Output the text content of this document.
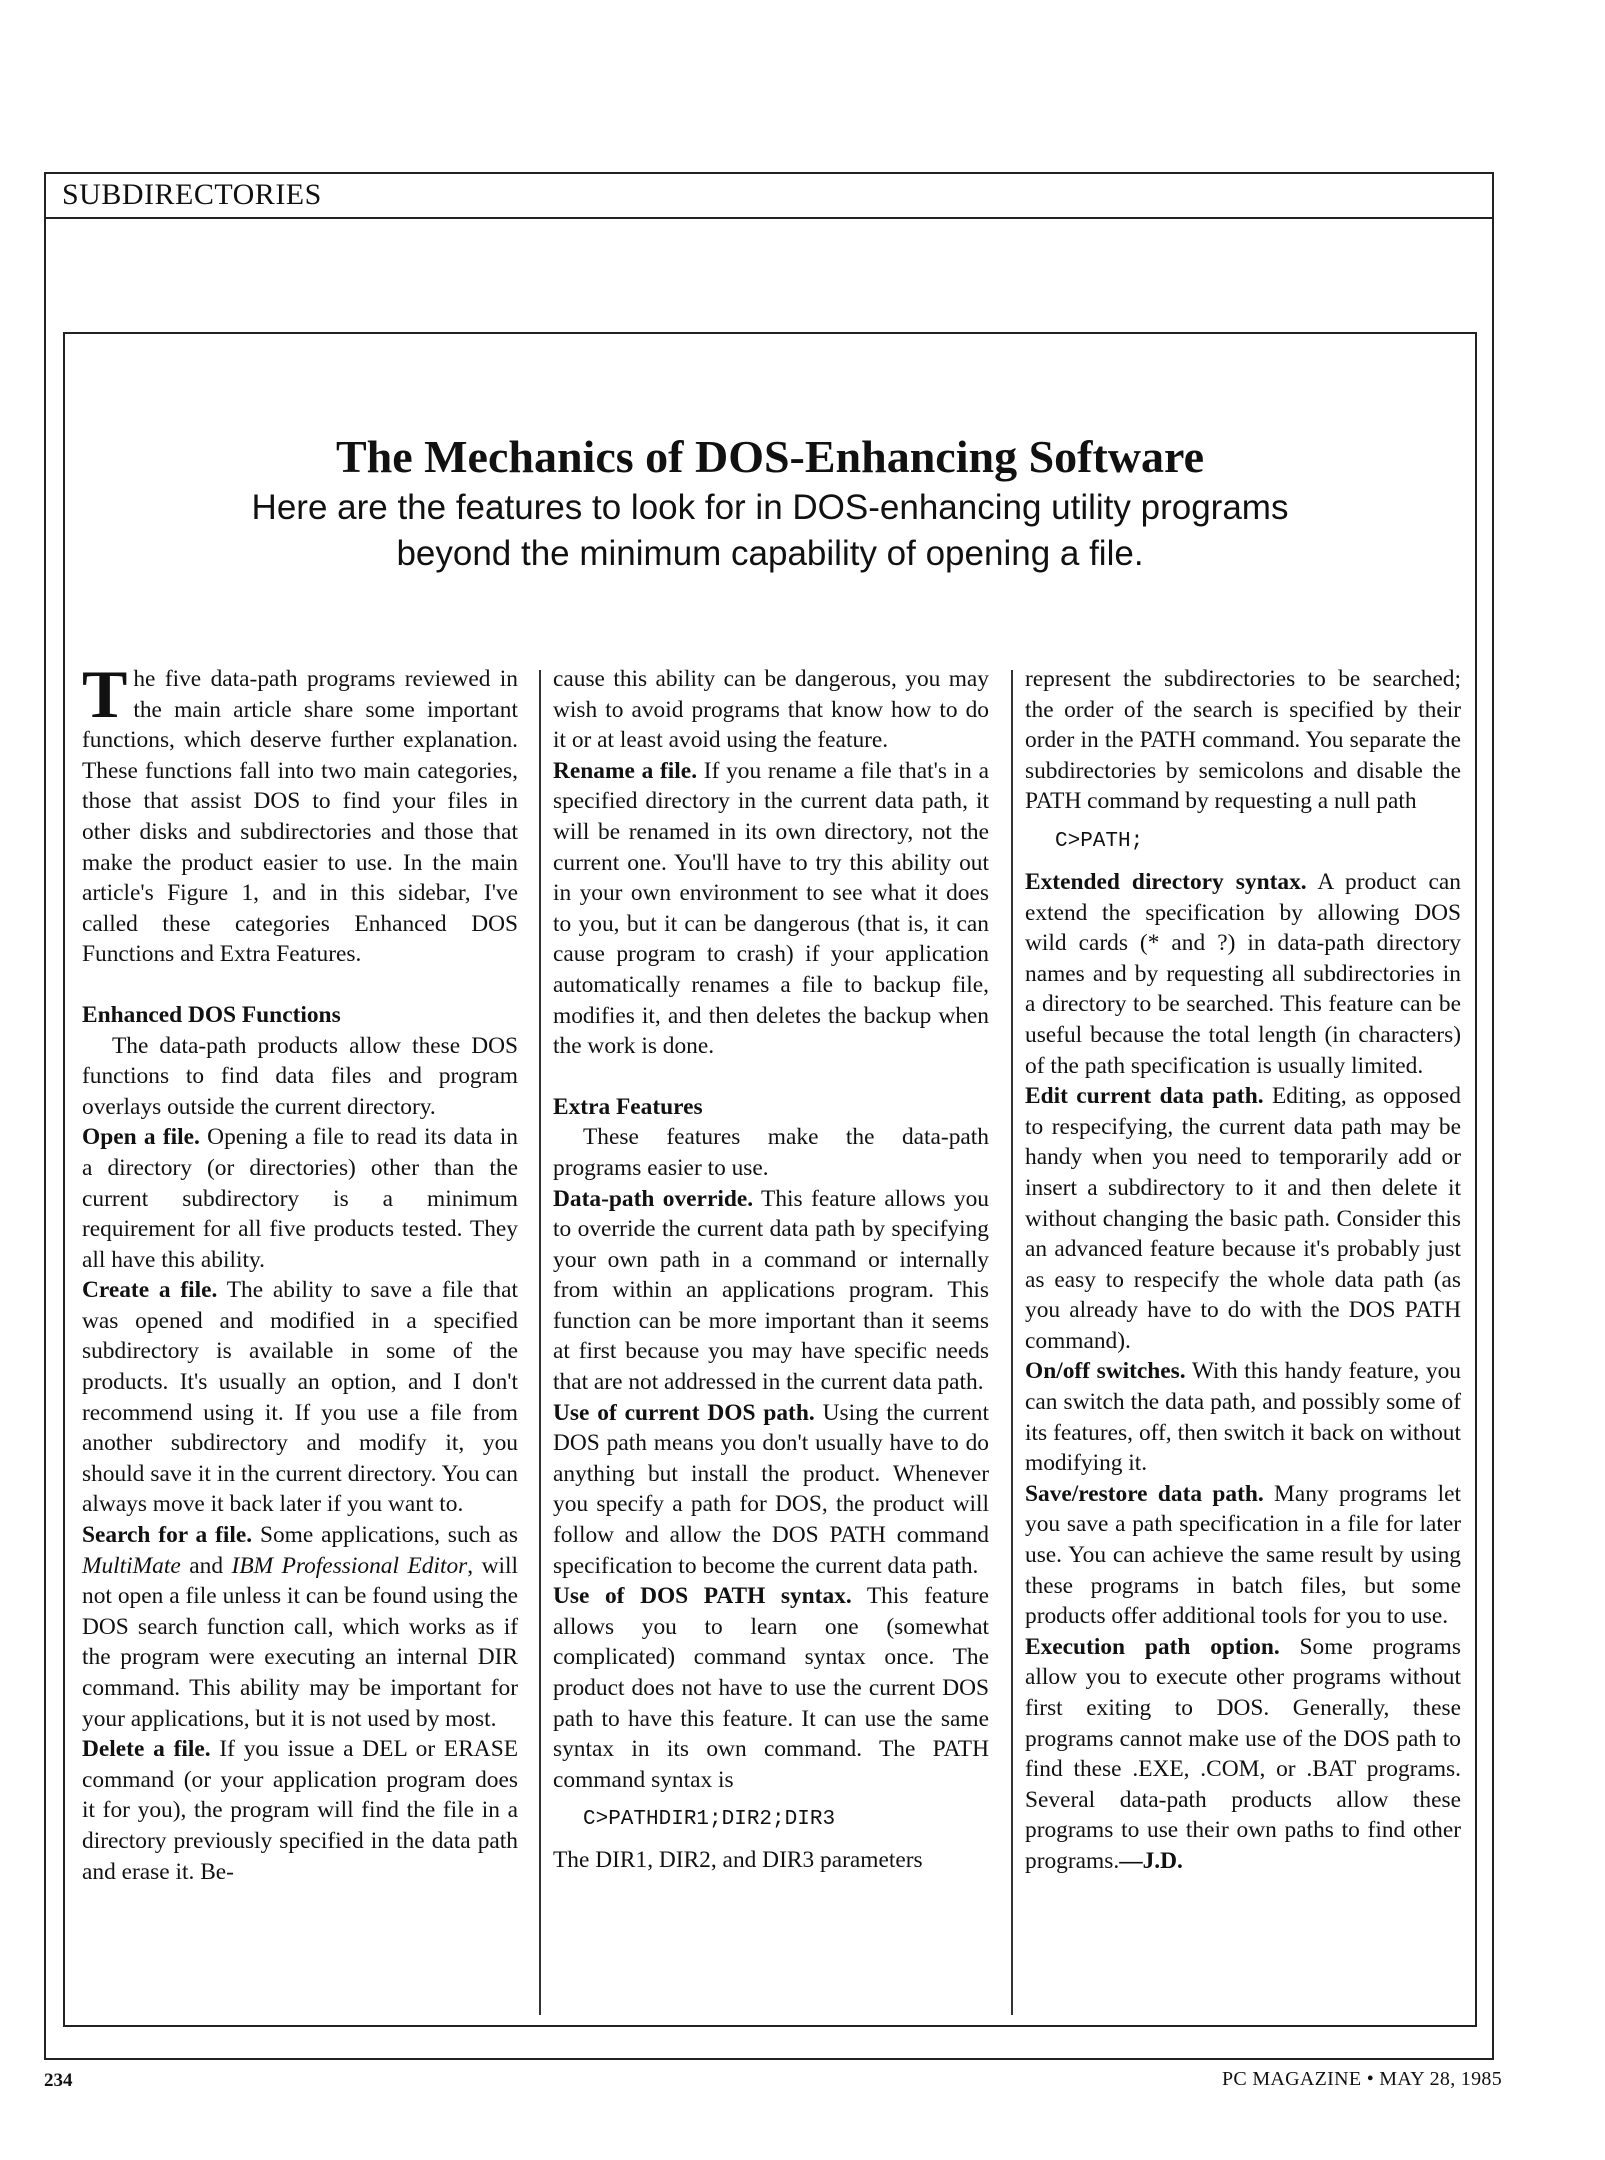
SUBDIRECTORIES
The Mechanics of DOS-Enhancing Software
Here are the features to look for in DOS-enhancing utility programs beyond the minimum capability of opening a file.

The five data-path programs reviewed in the main article share some important functions, which deserve further explanation. These functions fall into two main categories, those that assist DOS to find your files in other disks and subdirectories and those that make the product easier to use. In the main article's Figure 1, and in this sidebar, I've called these categories Enhanced DOS Functions and Extra Features.

Enhanced DOS Functions

The data-path products allow these DOS functions to find data files and program overlays outside the current directory.

Open a file. Opening a file to read its data in a directory (or directories) other than the current subdirectory is a minimum requirement for all five products tested. They all have this ability.

Create a file. The ability to save a file that was opened and modified in a specified subdirectory is available in some of the products. It's usually an option, and I don't recommend using it. If you use a file from another subdirectory and modify it, you should save it in the current directory. You can always move it back later if you want to.

Search for a file. Some applications, such as MultiMate and IBM Professional Editor, will not open a file unless it can be found using the DOS search function call, which works as if the program were executing an internal DIR command. This ability may be important for your applications, but it is not used by most.

Delete a file. If you issue a DEL or ERASE command (or your application program does it for you), the program will find the file in a directory previously specified in the data path and erase it. Be-

cause this ability can be dangerous, you may wish to avoid programs that know how to do it or at least avoid using the feature.

Rename a file. If you rename a file that's in a specified directory in the current data path, it will be renamed in its own directory, not the current one. You'll have to try this ability out in your own environment to see what it does to you, but it can be dangerous (that is, it can cause program to crash) if your application automatically renames a file to backup file, modifies it, and then deletes the backup when the work is done.

Extra Features

These features make the data-path programs easier to use.

Data-path override. This feature allows you to override the current data path by specifying your own path in a command or internally from within an applications program. This function can be more important than it seems at first because you may have specific needs that are not addressed in the current data path.

Use of current DOS path. Using the current DOS path means you don't usually have to do anything but install the product. Whenever you specify a path for DOS, the product will follow and allow the DOS PATH command specification to become the current data path.

Use of DOS PATH syntax. This feature allows you to learn one (somewhat complicated) command syntax once. The product does not have to use the current DOS path to have this feature. It can use the same syntax in its own command. The PATH command syntax is

C>PATHDIR1;DIR2;DIR3

The DIR1, DIR2, and DIR3 parameters

represent the subdirectories to be searched; the order of the search is specified by their order in the PATH command. You separate the subdirectories by semicolons and disable the PATH command by requesting a null path

C>PATH;

Extended directory syntax. A product can extend the specification by allowing DOS wild cards (* and ?) in data-path directory names and by requesting all subdirectories in a directory to be searched. This feature can be useful because the total length (in characters) of the path specification is usually limited.

Edit current data path. Editing, as opposed to respecifying, the current data path may be handy when you need to temporarily add or insert a subdirectory to it and then delete it without changing the basic path. Consider this an advanced feature because it's probably just as easy to respecify the whole data path (as you already have to do with the DOS PATH command).

On/off switches. With this handy feature, you can switch the data path, and possibly some of its features, off, then switch it back on without modifying it.

Save/restore data path. Many programs let you save a path specification in a file for later use. You can achieve the same result by using these programs in batch files, but some products offer additional tools for you to use.

Execution path option. Some programs allow you to execute other programs without first exiting to DOS. Generally, these programs cannot make use of the DOS path to find these .EXE, .COM, or .BAT programs. Several data-path products allow these programs to use their own paths to find other programs.—J.D.

234	PC MAGAZINE • MAY 28, 1985
